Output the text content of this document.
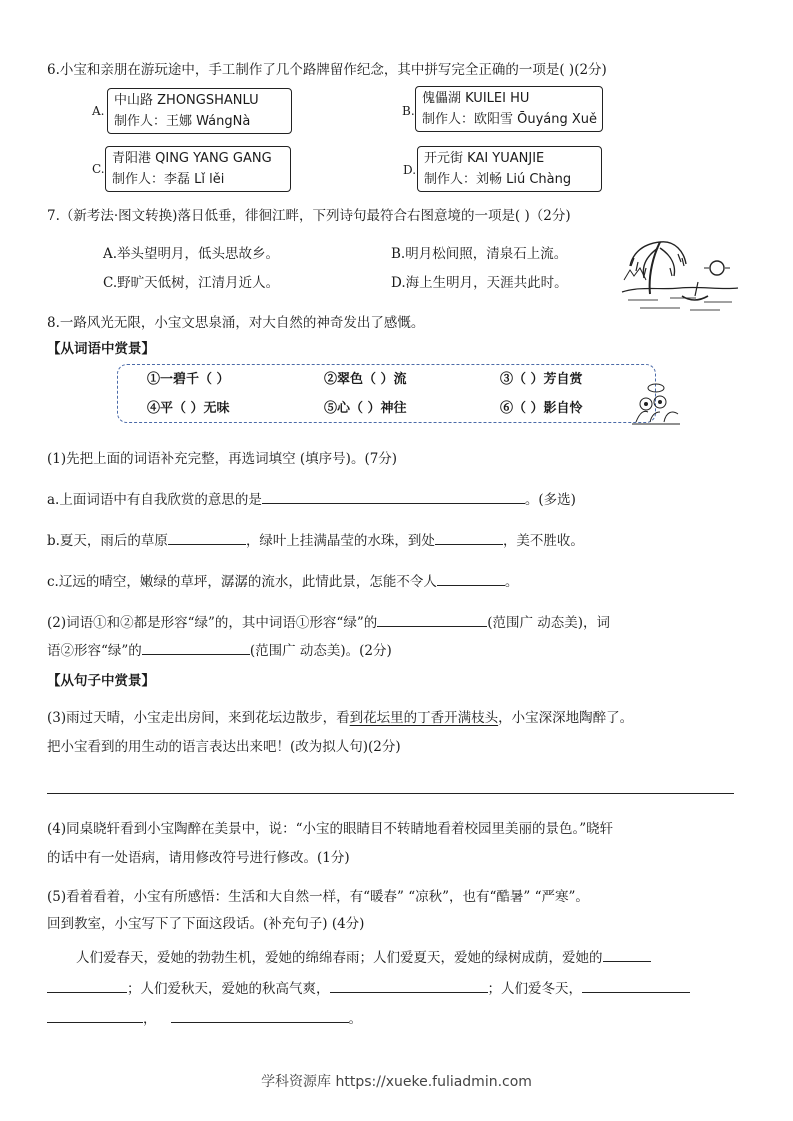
6.小宝和亲朋在游玩途中，手工制作了几个路牌留作纪念，其中拼写完全正确的一项是( )(2分)
A.
中山路 ZHONGSHANLU
制作人：王娜 WángNà
B.
傀儡湖 KUILEI HU
制作人：欧阳雪 Ōuyáng Xuě
C.
青阳港 QING YANG GANG
制作人：李磊 Lǐ lěi
D.
开元街 KAI YUANJIE
制作人：刘畅 Liú Chàng
7.（新考法·图文转换)落日低垂，徘徊江畔，下列诗句最符合右图意境的一项是( )（2分)
A.举头望明月，低头思故乡。	B.明月松间照，清泉石上流。
C.野旷天低树，江清月近人。	D.海上生明月，天涯共此时。
8.一路风光无限，小宝文思泉涌，对大自然的神奇发出了感慨。
【从词语中赏景】
①一碧千（ ）	②翠色（ ）流	③（ ）芳自赏
④平（ ）无味	⑤心（ ）神往	⑥（ ）影自怜
(1)先把上面的词语补充完整，再选词填空 (填序号)。(7分)
a.上面词语中有自我欣赏的意思的是	。(多选)
b.夏天，雨后的草原	，绿叶上挂满晶莹的水珠，到处	，美不胜收。
c.辽远的晴空，嫩绿的草坪，潺潺的流水，此情此景，怎能不令人	。
(2)词语①和②都是形容“绿”的，其中词语①形容“绿”的	(范围广 动态美)，词
语②形容“绿”的	(范围广 动态美)。(2分)
【从句子中赏景】
(3)雨过天晴，小宝走出房间，来到花坛边散步，看到花坛里的丁香开满枝头，小宝深深地陶醉了。
把小宝看到的用生动的语言表达出来吧！(改为拟人句)(2分)
(4)同桌晓轩看到小宝陶醉在美景中，说：“小宝的眼睛目不转睛地看着校园里美丽的景色。”晓轩
的话中有一处语病，请用修改符号进行修改。(1分)
(5)看着看着，小宝有所感悟：生活和大自然一样，有“暖春” “凉秋”，也有“酷暑” “严寒”。
回到教室，小宝写下了下面这段话。(补充句子) (4分)
人们爱春天，爱她的勃勃生机，爱她的绵绵春雨；人们爱夏天，爱她的绿树成荫，爱她的
；人们爱秋天，爱她的秋高气爽，	；人们爱冬天，
，	。
学科资源库 https://xueke.fuliadmin.com
